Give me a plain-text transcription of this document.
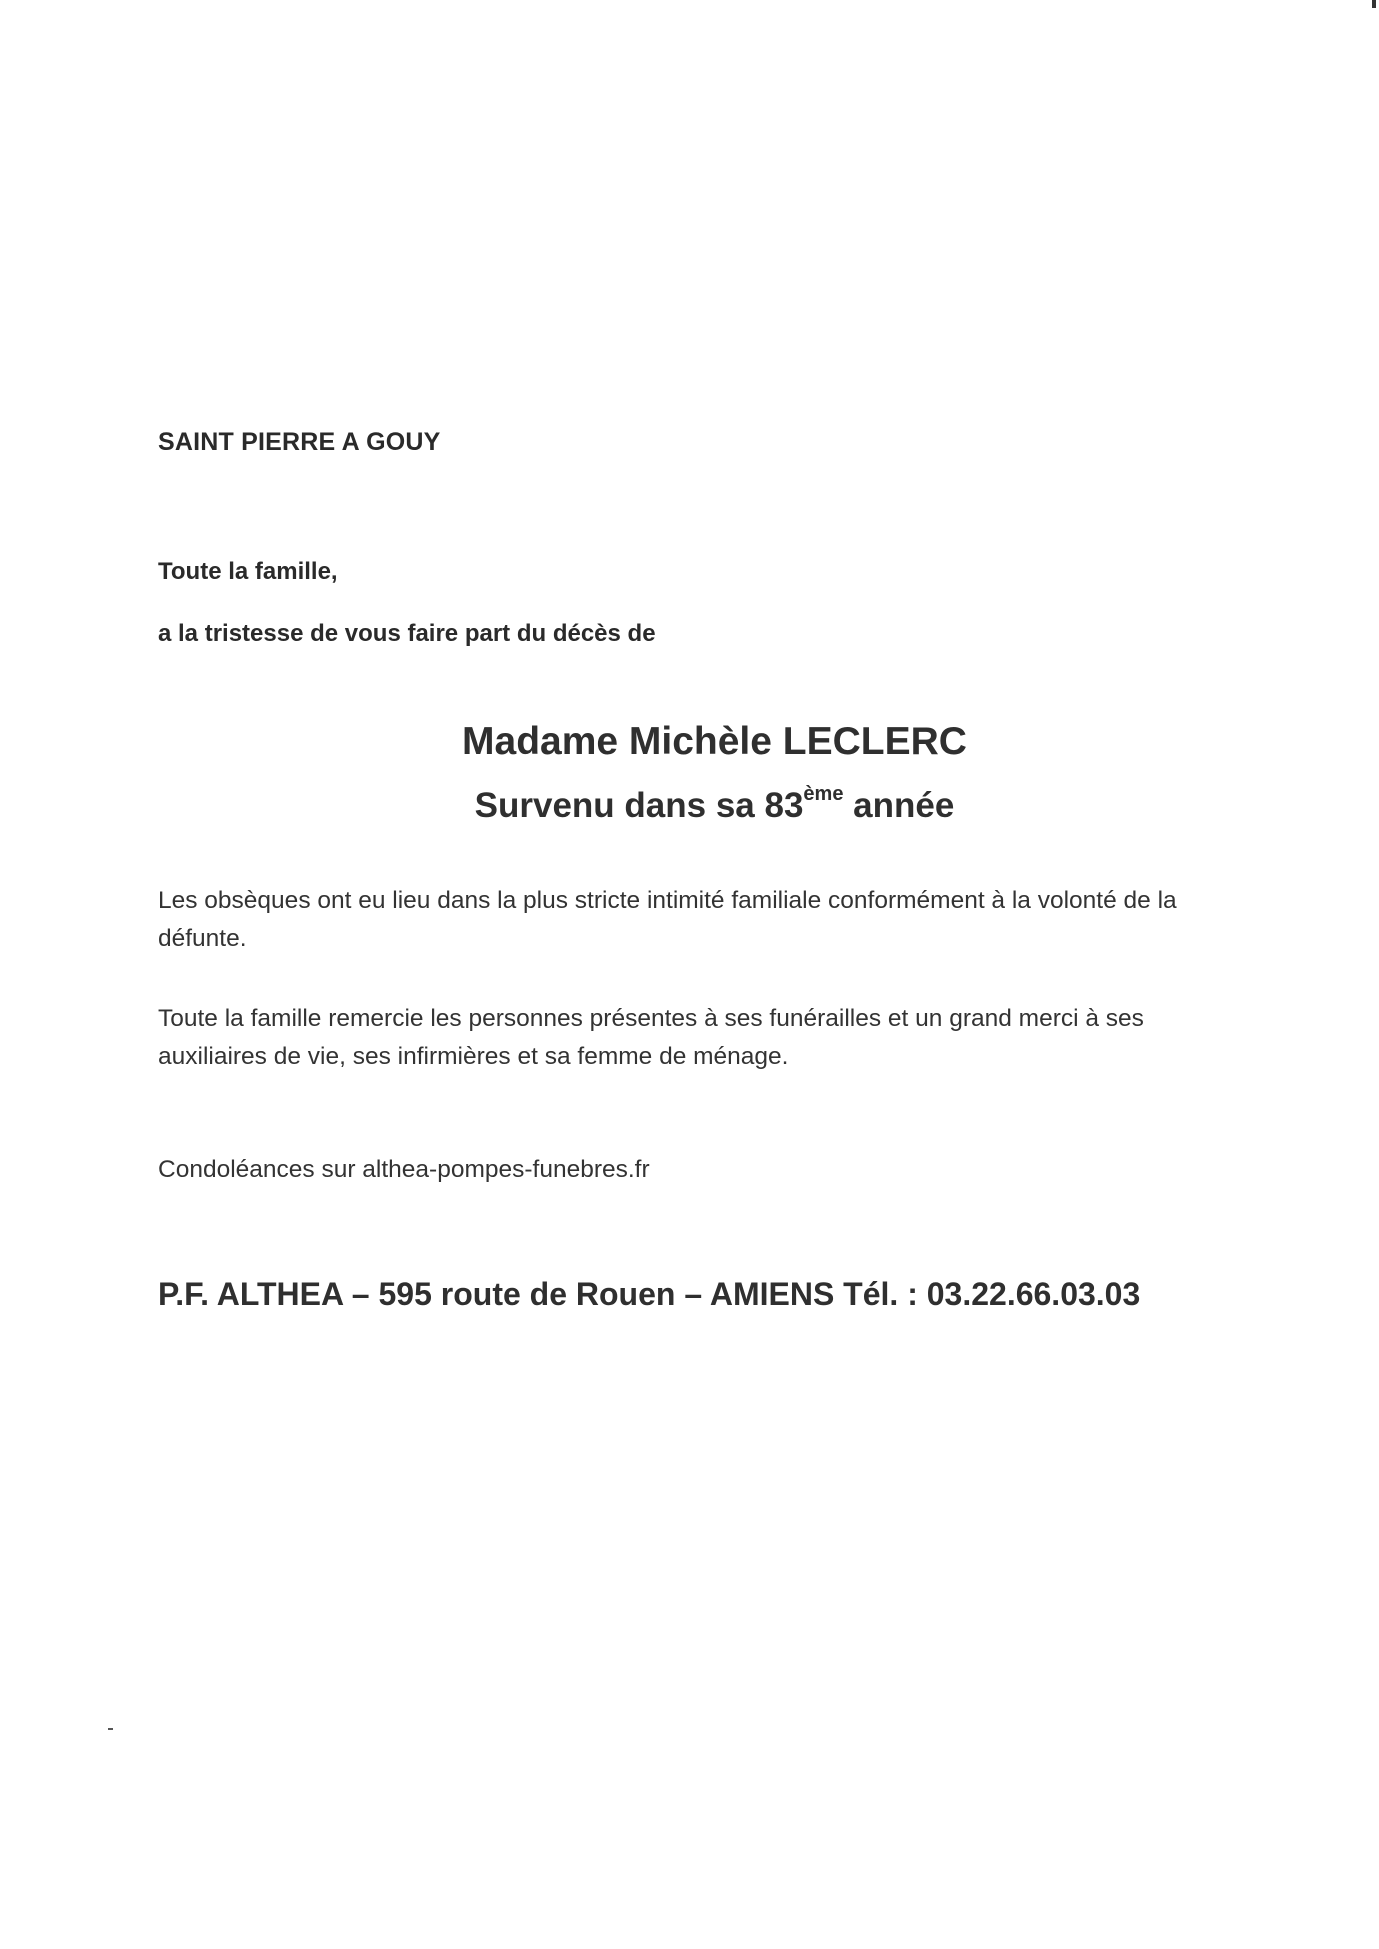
SAINT PIERRE A GOUY

Toute la famille,

a la tristesse de vous faire part du décès de

Madame Michèle LECLERC
Survenu dans sa 83ème année

Les obsèques ont eu lieu dans la plus stricte intimité familiale conformément à la volonté de la défunte.

Toute la famille remercie les personnes présentes à ses funérailles et un grand merci à ses auxiliaires de vie, ses infirmières et sa femme de ménage.

Condoléances sur althea-pompes-funebres.fr

P.F. ALTHEA – 595 route de Rouen – AMIENS Tél. : 03.22.66.03.03
